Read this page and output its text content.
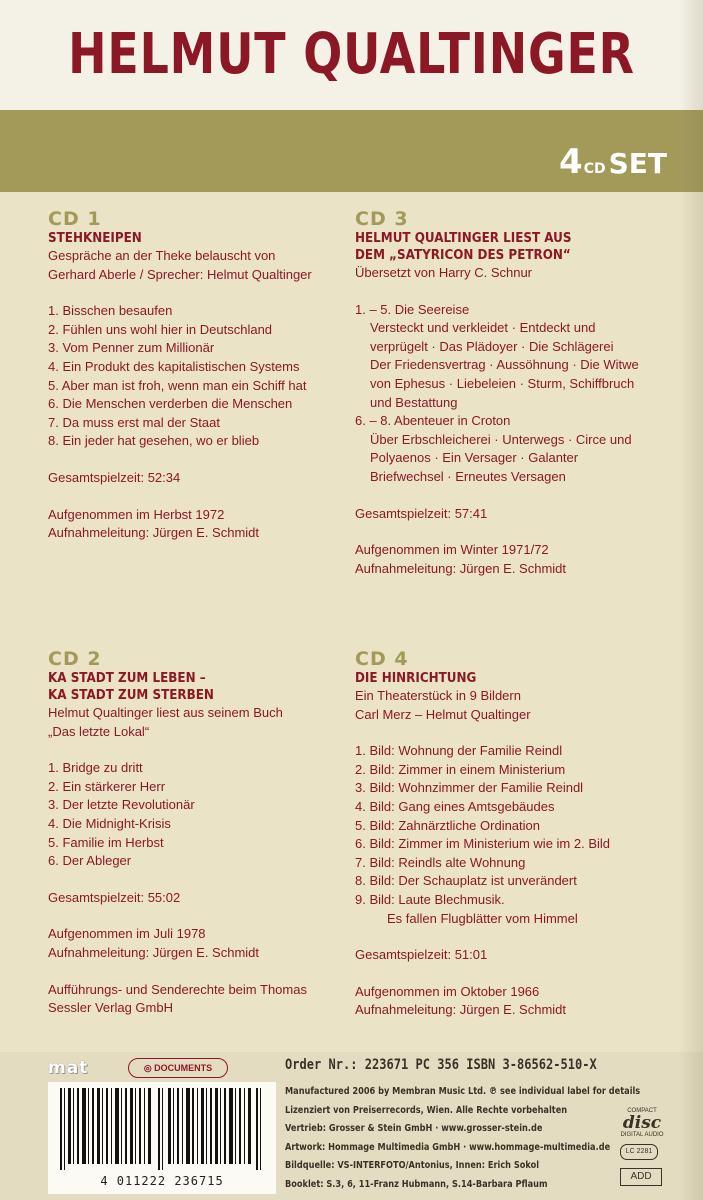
HELMUT QUALTINGER
4CD SET
CD 1
STEHKNEIPEN

Gespräche an der Theke belauscht von

Gerhard Aberle / Sprecher: Helmut Qualtinger

1. Bisschen besaufen
2. Fühlen uns wohl hier in Deutschland
3. Vom Penner zum Millionär
4. Ein Produkt des kapitalistischen Systems
5. Aber man ist froh, wenn man ein Schiff hat
6. Die Menschen verderben die Menschen
7. Da muss erst mal der Staat
8. Ein jeder hat gesehen, wo er blieb

Gesamtspielzeit: 52:34

Aufgenommen im Herbst 1972

Aufnahmeleitung: Jürgen E. Schmidt

CD 2
KA STADT ZUM LEBEN –
KA STADT ZUM STERBEN

Helmut Qualtinger liest aus seinem Buch

„Das letzte Lokal“

1. Bridge zu dritt
2. Ein stärkerer Herr
3. Der letzte Revolutionär
4. Die Midnight-Krisis
5. Familie im Herbst
6. Der Ableger

Gesamtspielzeit: 55:02

Aufgenommen im Juli 1978

Aufnahmeleitung: Jürgen E. Schmidt

Aufführungs- und Senderechte beim Thomas

Sessler Verlag GmbH

CD 3
HELMUT QUALTINGER LIEST AUS
DEM „SATYRICON DES PETRON“

Übersetzt von Harry C. Schnur

1. – 5. Die Seereise

Versteckt und verkleidet · Entdeckt und

verprügelt · Das Plädoyer · Die Schlägerei

Der Friedensvertrag · Aussöhnung · Die Witwe

von Ephesus · Liebeleien · Sturm, Schiffbruch

und Bestattung

6. – 8. Abenteuer in Croton

Über Erbschleicherei · Unterwegs · Circe und

Polyaenos · Ein Versager · Galanter

Briefwechsel · Erneutes Versagen

Gesamtspielzeit: 57:41

Aufgenommen im Winter 1971/72

Aufnahmeleitung: Jürgen E. Schmidt

CD 4
DIE HINRICHTUNG

Ein Theaterstück in 9 Bildern

Carl Merz – Helmut Qualtinger

1. Bild: Wohnung der Familie Reindl
2. Bild: Zimmer in einem Ministerium
3. Bild: Wohnzimmer der Familie Reindl
4. Bild: Gang eines Amtsgebäudes
5. Bild: Zahnärztliche Ordination
6. Bild: Zimmer im Ministerium wie im 2. Bild
7. Bild: Reindls alte Wohnung
8. Bild: Der Schauplatz ist unverändert
9. Bild: Laute Blechmusik.
Es fallen Flugblätter vom Himmel

Gesamtspielzeit: 51:01

Aufgenommen im Oktober 1966

Aufnahmeleitung: Jürgen E. Schmidt

mat	◎ DOCUMENTS	Order Nr.: 223671 PC 356 ISBN 3-86562-510-X
4 011222 236715
Manufactured 2006 by Membran Music Ltd. ℗ see individual label for details
Lizenziert von Preiserrecords, Wien. Alle Rechte vorbehalten
Vertrieb: Grosser & Stein GmbH · www.grosser-stein.de
Artwork: Hommage Multimedia GmbH · www.hommage-multimedia.de
Bildquelle: VS-INTERFOTO/Antonius, Innen: Erich Sokol
Booklet: S.3, 6, 11-Franz Hubmann, S.14-Barbara Pflaum
COMPACT
disc
DIGITAL AUDIO
LC 2281
ADD
